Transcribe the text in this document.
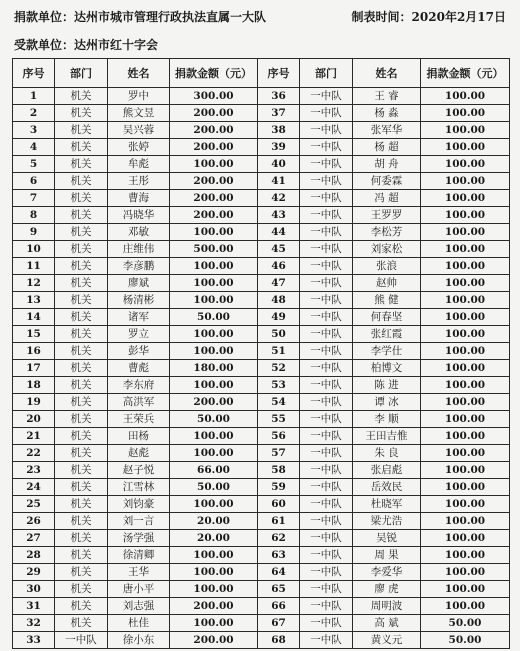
捐款单位：达州市城市管理行政执法直属一大队	制表时间：2020年2月17日
受款单位：达州市红十字会
序号	部门	姓名	捐款金额（元）	序号	部门	姓名	捐款金额（元）
1	机关	罗中	300.00	36	一中队	王 睿	100.00
2	机关	熊文昱	200.00	37	一中队	杨 淼	100.00
3	机关	吴兴蓉	200.00	38	一中队	张军华	100.00
4	机关	张婷	200.00	39	一中队	杨 超	100.00
5	机关	牟彪	100.00	40	一中队	胡 舟	100.00
6	机关	王彤	200.00	41	一中队	何委霖	100.00
7	机关	曹海	200.00	42	一中队	冯 超	100.00
8	机关	冯晓华	200.00	43	一中队	王罗罗	100.00
9	机关	邓敏	100.00	44	一中队	李松芳	100.00
10	机关	庄维伟	500.00	45	一中队	刘家松	100.00
11	机关	李彦鹏	100.00	46	一中队	张浪	100.00
12	机关	廖斌	100.00	47	一中队	赵帅	100.00
13	机关	杨清彬	100.00	48	一中队	熊 健	100.00
14	机关	诸军	50.00	49	一中队	何春坚	100.00
15	机关	罗立	100.00	50	一中队	张红霞	100.00
16	机关	彭华	100.00	51	一中队	李学仕	100.00
17	机关	曹彪	180.00	52	一中队	柏博文	100.00
18	机关	李东府	100.00	53	一中队	陈 进	100.00
19	机关	高洪军	200.00	54	一中队	谭 冰	100.00
20	机关	王荣兵	50.00	55	一中队	李 顺	100.00
21	机关	田杨	100.00	56	一中队	王田吉惟	100.00
22	机关	赵彪	100.00	57	一中队	朱 良	100.00
23	机关	赵子悦	66.00	58	一中队	张启彪	100.00
24	机关	江雪林	50.00	59	一中队	岳效民	100.00
25	机关	刘钧豪	100.00	60	一中队	杜晓军	100.00
26	机关	刘一言	20.00	61	一中队	梁尤浩	100.00
27	机关	汤学强	20.00	62	一中队	吴锐	100.00
28	机关	徐清卿	100.00	63	一中队	周 果	100.00
29	机关	王华	100.00	64	一中队	李爱华	100.00
30	机关	唐小平	100.00	65	一中队	廖 虎	100.00
31	机关	刘志强	200.00	66	一中队	周明波	100.00
32	机关	杜佳	100.00	67	一中队	高 斌	50.00
33	一中队	徐小东	200.00	68	一中队	黄义元	50.00
